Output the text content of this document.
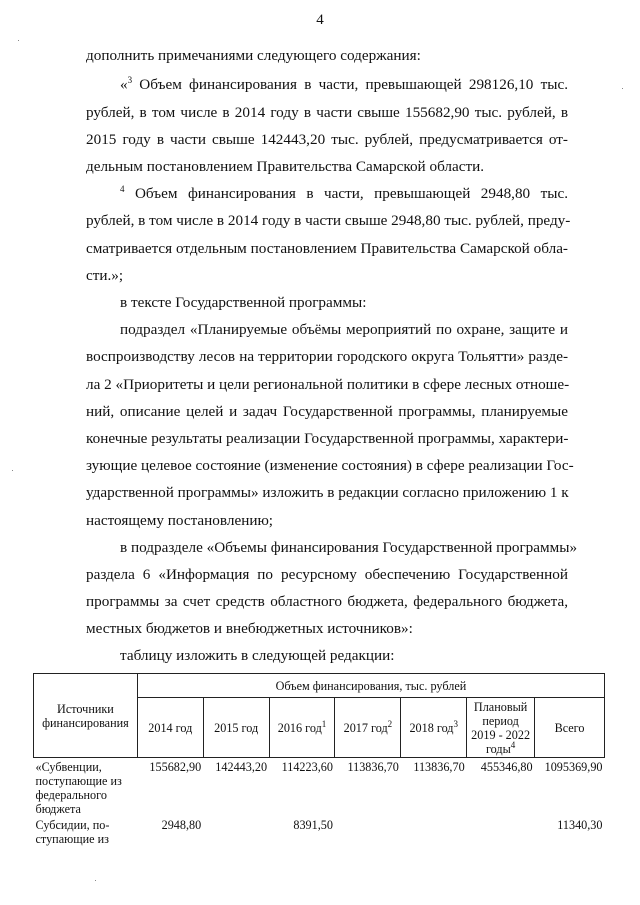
4
дополнить примечаниями следующего содержания:
«$^3$ Объем финансирования в части, превышающей 298126,10 тыс.
рублей, в том числе в 2014 году в части свыше 155682,90 тыс. рублей, в
2015 году в части свыше 142443,20 тыс. рублей, предусматривается от-
дельным постановлением Правительства Самарской области.
$^4$ Объем финансирования в части, превышающей 2948,80 тыс.
рублей, в том числе в 2014 году в части свыше 2948,80 тыс. рублей, преду-
сматривается отдельным постановлением Правительства Самарской обла-
сти.»;
в тексте Государственной программы:
подраздел «Планируемые объёмы мероприятий по охране, защите и
воспроизводству лесов на территории городского округа Тольятти» разде-
ла 2 «Приоритеты и цели региональной политики в сфере лесных отноше-
ний, описание целей и задач Государственной программы, планируемые
конечные результаты реализации Государственной программы, характери-
зующие целевое состояние (изменение состояния) в сфере реализации Гос-
ударственной программы» изложить в редакции согласно приложению 1 к
настоящему постановлению;
в подразделе «Объемы финансирования Государственной программы»
раздела 6 «Информация по ресурсному обеспечению Государственной
программы за счет средств областного бюджета, федерального бюджета,
местных бюджетов и внебюджетных источников»:
таблицу изложить в следующей редакции:
Источники финансирования	Объем финансирования, тыс. рублей						
	2014 год	2015 год	2016 год$^1$	2017 год$^2$	2018 год$^3$	Плановый период 2019 - 2022 годы$^4$	Всего
«Субвенции, поступающие из федерального бюджета	155682,90	142443,20	114223,60	113836,70	113836,70	455346,80	1095369,90
Субсидии, по-ступающие из	2948,80		8391,50				11340,30
